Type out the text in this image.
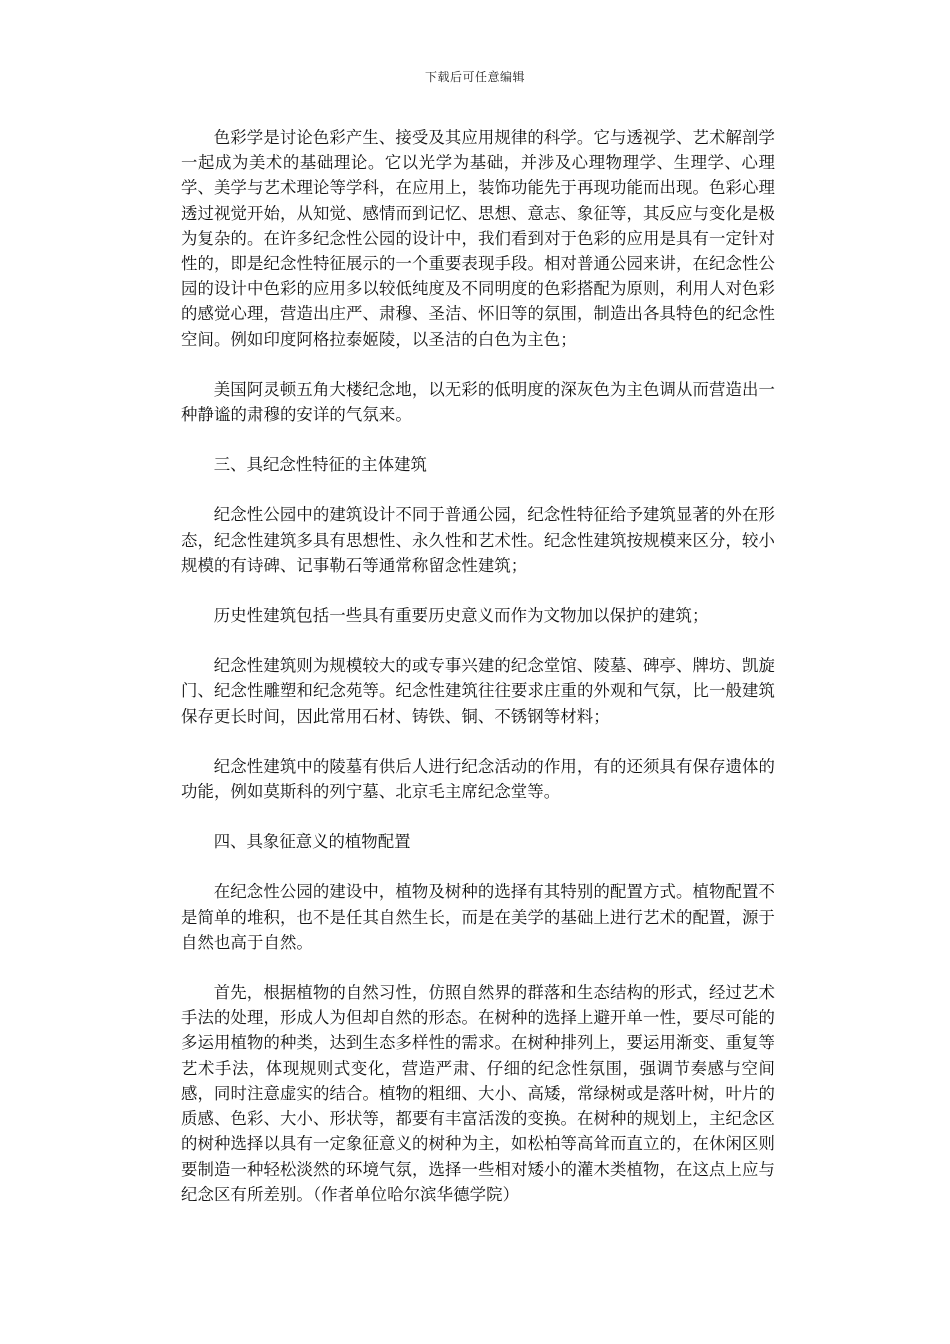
下载后可任意编辑

色彩学是讨论色彩产生、接受及其应用规律的科学。它与透视学、艺术解剖学一起成为美术的基础理论。它以光学为基础，并涉及心理物理学、生理学、心理学、美学与艺术理论等学科，在应用上，装饰功能先于再现功能而出现。色彩心理透过视觉开始，从知觉、感情而到记忆、思想、意志、象征等，其反应与变化是极为复杂的。在许多纪念性公园的设计中，我们看到对于色彩的应用是具有一定针对性的，即是纪念性特征展示的一个重要表现手段。相对普通公园来讲，在纪念性公园的设计中色彩的应用多以较低纯度及不同明度的色彩搭配为原则，利用人对色彩的感觉心理，营造出庄严、肃穆、圣洁、怀旧等的氛围，制造出各具特色的纪念性空间。例如印度阿格拉泰姬陵，以圣洁的白色为主色；

美国阿灵顿五角大楼纪念地，以无彩的低明度的深灰色为主色调从而营造出一种静谧的肃穆的安详的气氛来。

三、具纪念性特征的主体建筑

纪念性公园中的建筑设计不同于普通公园，纪念性特征给予建筑显著的外在形态，纪念性建筑多具有思想性、永久性和艺术性。纪念性建筑按规模来区分，较小规模的有诗碑、记事勒石等通常称留念性建筑；

历史性建筑包括一些具有重要历史意义而作为文物加以保护的建筑；

纪念性建筑则为规模较大的或专事兴建的纪念堂馆、陵墓、碑亭、牌坊、凯旋门、纪念性雕塑和纪念苑等。纪念性建筑往往要求庄重的外观和气氛，比一般建筑保存更长时间，因此常用石材、铸铁、铜、不锈钢等材料；

纪念性建筑中的陵墓有供后人进行纪念活动的作用，有的还须具有保存遗体的功能，例如莫斯科的列宁墓、北京毛主席纪念堂等。

四、具象征意义的植物配置

在纪念性公园的建设中，植物及树种的选择有其特别的配置方式。植物配置不是简单的堆积，也不是任其自然生长，而是在美学的基础上进行艺术的配置，源于自然也高于自然。

首先，根据植物的自然习性，仿照自然界的群落和生态结构的形式，经过艺术手法的处理，形成人为但却自然的形态。在树种的选择上避开单一性，要尽可能的多运用植物的种类，达到生态多样性的需求。在树种排列上，要运用渐变、重复等艺术手法，体现规则式变化，营造严肃、仔细的纪念性氛围，强调节奏感与空间感，同时注意虚实的结合。植物的粗细、大小、高矮，常绿树或是落叶树，叶片的质感、色彩、大小、形状等，都要有丰富活泼的变换。在树种的规划上，主纪念区的树种选择以具有一定象征意义的树种为主，如松柏等高耸而直立的，在休闲区则要制造一种轻松淡然的环境气氛，选择一些相对矮小的灌木类植物，在这点上应与纪念区有所差别。（作者单位哈尔滨华德学院）
